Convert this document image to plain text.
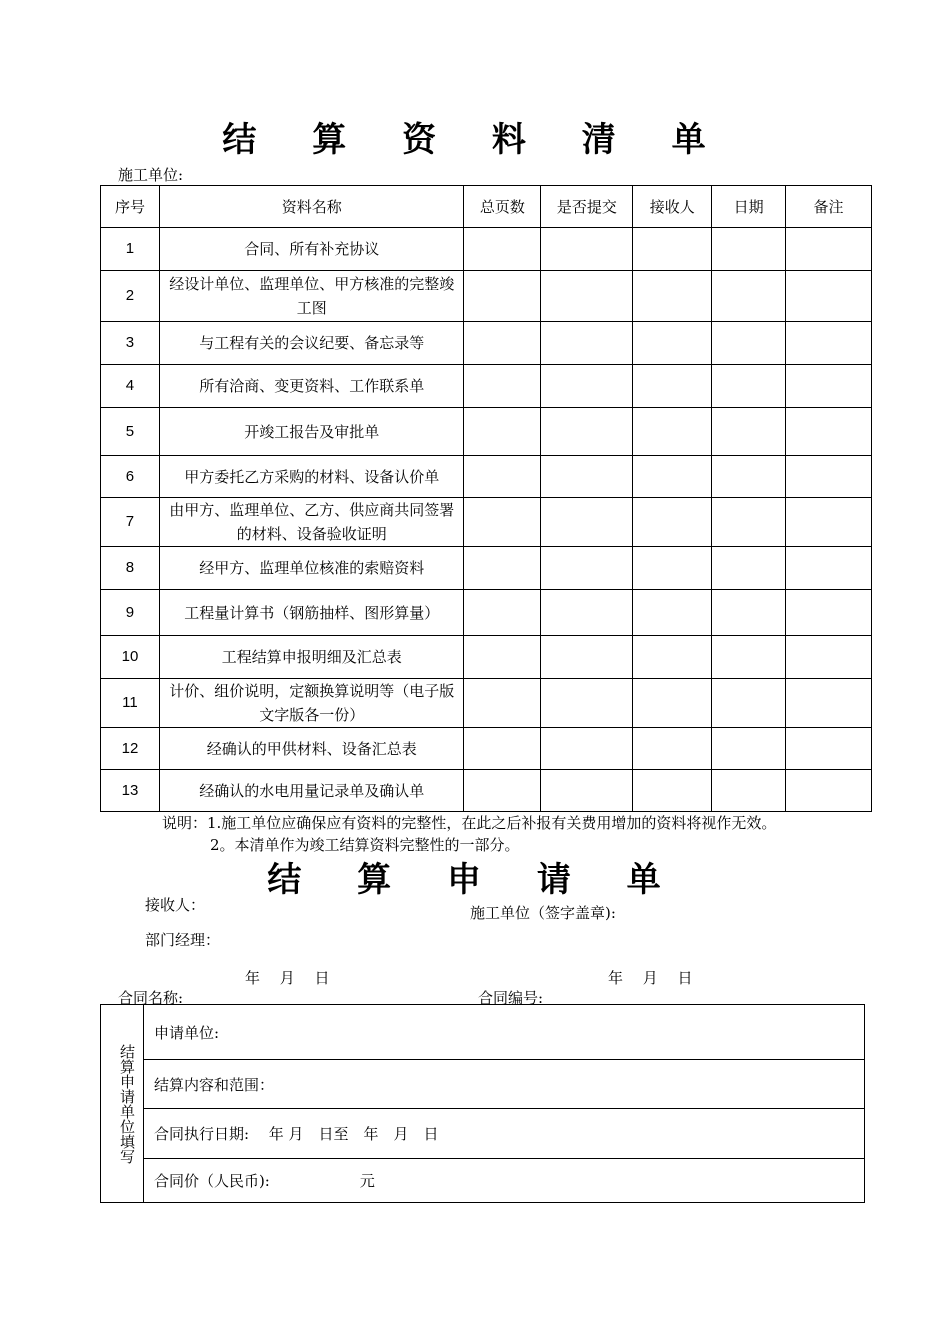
结 算 资 料 清 单
施工单位:
序号	资料名称	总页数	是否提交	接收人	日期	备注
1	合同、所有补充协议					
2	经设计单位、监理单位、甲方核准的完整竣工图					
3	与工程有关的会议纪要、备忘录等					
4	所有洽商、变更资料、工作联系单					
5	开竣工报告及审批单					
6	甲方委托乙方采购的材料、设备认价单					
7	由甲方、监理单位、乙方、供应商共同签署的材料、设备验收证明					
8	经甲方、监理单位核准的索赔资料					
9	工程量计算书（钢筋抽样、图形算量）					
10	工程结算申报明细及汇总表					
11	计价、组价说明，定额换算说明等（电子版文字版各一份）					
12	经确认的甲供材料、设备汇总表					
13	经确认的水电用量记录单及确认单					
说明：1.施工单位应确保应有资料的完整性，在此之后补报有关费用增加的资料将视作无效。
2。本清单作为竣工结算资料完整性的一部分。
结 算 申 请 单
接收人：	施工单位（签字盖章):
部门经理：
年　 月　 日	年　 月　 日
合同名称:	合同编号:
结算申请单位填写
	申请单位:
结算内容和范围：
合同执行日期:　 年 月　日至　年　月　日
合同价（人民币):　　　　　　元
